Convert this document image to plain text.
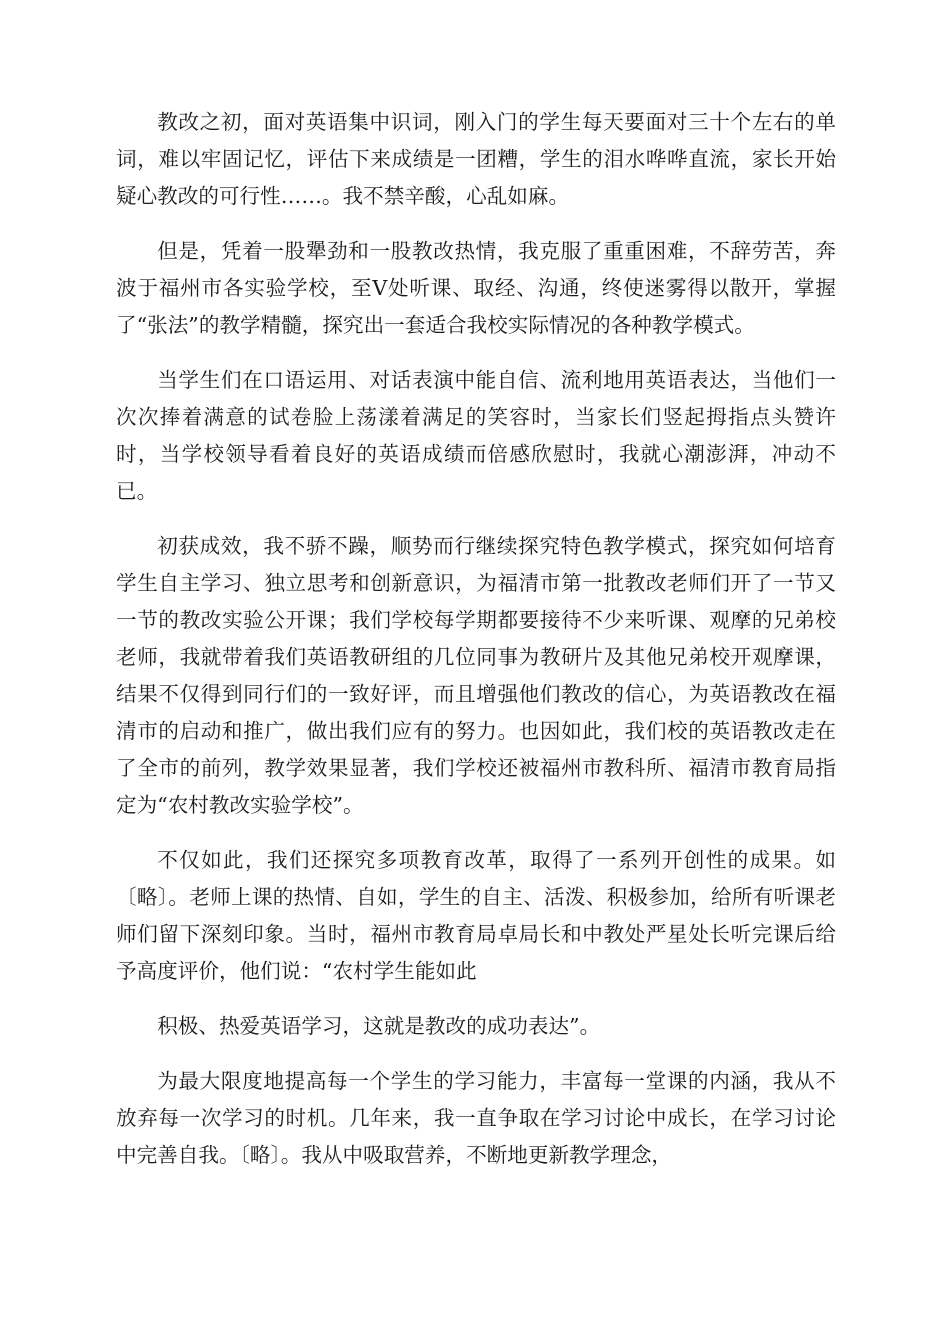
教改之初，面对英语集中识词，刚入门的学生每天要面对三十个左右的单词，难以牢固记忆，评估下来成绩是一团糟，学生的泪水哗哗直流，家长开始疑心教改的可行性……。我不禁辛酸，心乱如麻。

但是，凭着一股犟劲和一股教改热情，我克服了重重困难，不辞劳苦，奔波于福州市各实验学校，至Ⅴ处听课、取经、沟通，终使迷雾得以散开，掌握了“张法”的教学精髓，探究出一套适合我校实际情况的各种教学模式。

当学生们在口语运用、对话表演中能自信、流利地用英语表达，当他们一次次捧着满意的试卷脸上荡漾着满足的笑容时，当家长们竖起拇指点头赞许时，当学校领导看着良好的英语成绩而倍感欣慰时，我就心潮澎湃，冲动不已。

初获成效，我不骄不躁，顺势而行继续探究特色教学模式，探究如何培育学生自主学习、独立思考和创新意识，为福清市第一批教改老师们开了一节又一节的教改实验公开课；我们学校每学期都要接待不少来听课、观摩的兄弟校老师，我就带着我们英语教研组的几位同事为教研片及其他兄弟校开观摩课，结果不仅得到同行们的一致好评，而且增强他们教改的信心，为英语教改在福清市的启动和推广，做出我们应有的努力。也因如此，我们校的英语教改走在了全市的前列，教学效果显著，我们学校还被福州市教科所、福清市教育局指定为“农村教改实验学校”。

不仅如此，我们还探究多项教育改革，取得了一系列开创性的成果。如〔略〕。老师上课的热情、自如，学生的自主、活泼、积极参加，给所有听课老师们留下深刻印象。当时，福州市教育局卓局长和中教处严星处长听完课后给予高度评价，他们说：“农村学生能如此

积极、热爱英语学习，这就是教改的成功表达”。

为最大限度地提高每一个学生的学习能力，丰富每一堂课的内涵，我从不放弃每一次学习的时机。几年来，我一直争取在学习讨论中成长，在学习讨论中完善自我。〔略〕。我从中吸取营养，不断地更新教学理念，
